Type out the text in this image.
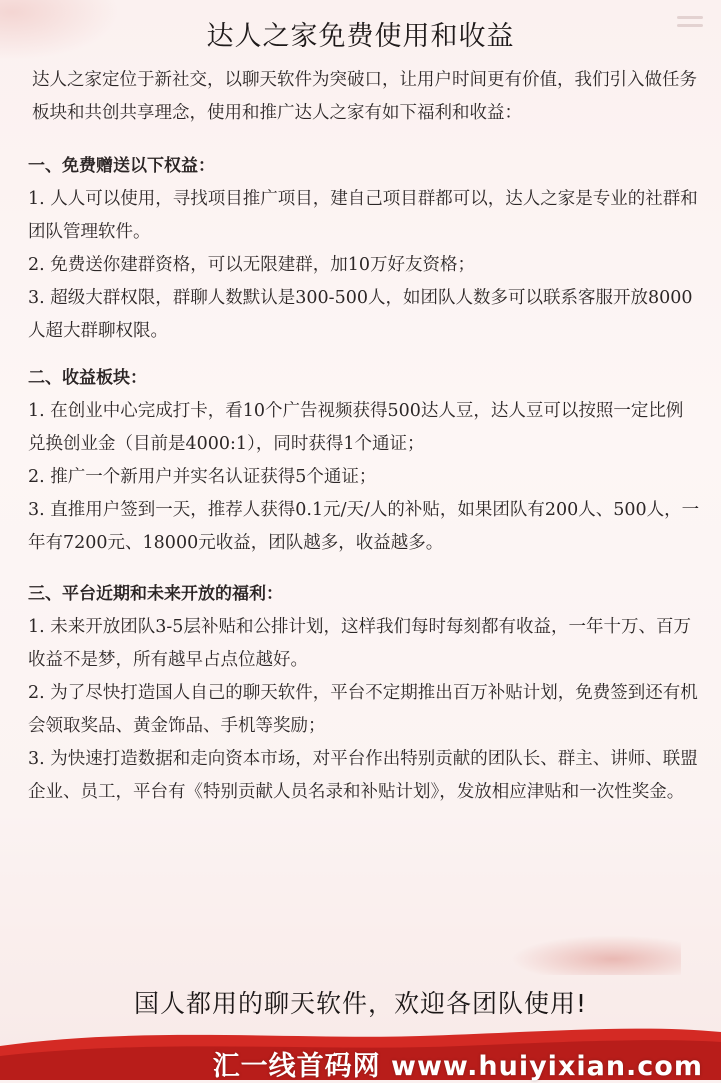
达人之家免费使用和收益

达人之家定位于新社交，以聊天软件为突破口，让用户时间更有价值，我们引入做任务板块和共创共享理念，使用和推广达人之家有如下福利和收益：

一、免费赠送以下权益：

1. 人人可以使用，寻找项目推广项目，建自己项目群都可以，达人之家是专业的社群和团队管理软件。

2. 免费送你建群资格，可以无限建群，加10万好友资格；

3. 超级大群权限，群聊人数默认是300-500人，如团队人数多可以联系客服开放8000人超大群聊权限。

二、收益板块：

1. 在创业中心完成打卡，看10个广告视频获得500达人豆，达人豆可以按照一定比例兑换创业金（目前是4000:1），同时获得1个通证；

2. 推广一个新用户并实名认证获得5个通证；

3. 直推用户签到一天，推荐人获得0.1元/天/人的补贴，如果团队有200人、500人，一年有7200元、18000元收益，团队越多，收益越多。

三、平台近期和未来开放的福利：

1. 未来开放团队3-5层补贴和公排计划，这样我们每时每刻都有收益，一年十万、百万收益不是梦，所有越早占点位越好。

2. 为了尽快打造国人自己的聊天软件，平台不定期推出百万补贴计划，免费签到还有机会领取奖品、黄金饰品、手机等奖励；

3. 为快速打造数据和走向资本市场，对平台作出特别贡献的团队长、群主、讲师、联盟企业、员工，平台有《特别贡献人员名录和补贴计划》，发放相应津贴和一次性奖金。

国人都用的聊天软件，欢迎各团队使用!
汇一线首码网 www.huiyixian.com
